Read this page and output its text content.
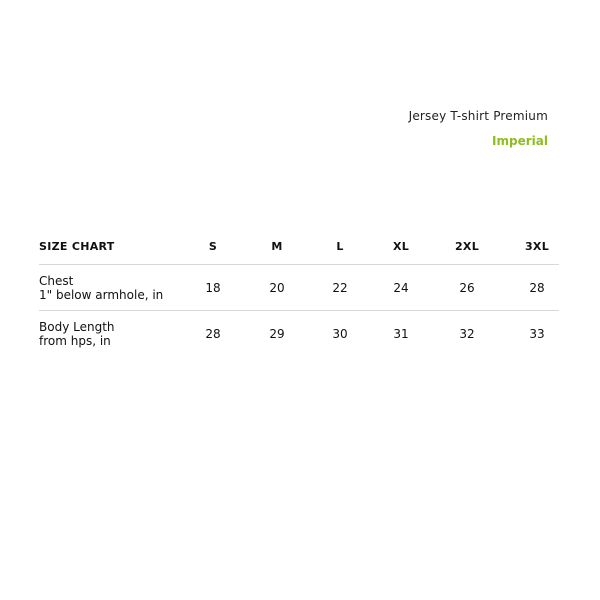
Jersey T-shirt Premium
Imperial
SIZE CHART	S	M	L	XL	2XL	3XL
Chest
1" below armhole, in	18	20	22	24	26	28
Body Length
from hps, in	28	29	30	31	32	33
